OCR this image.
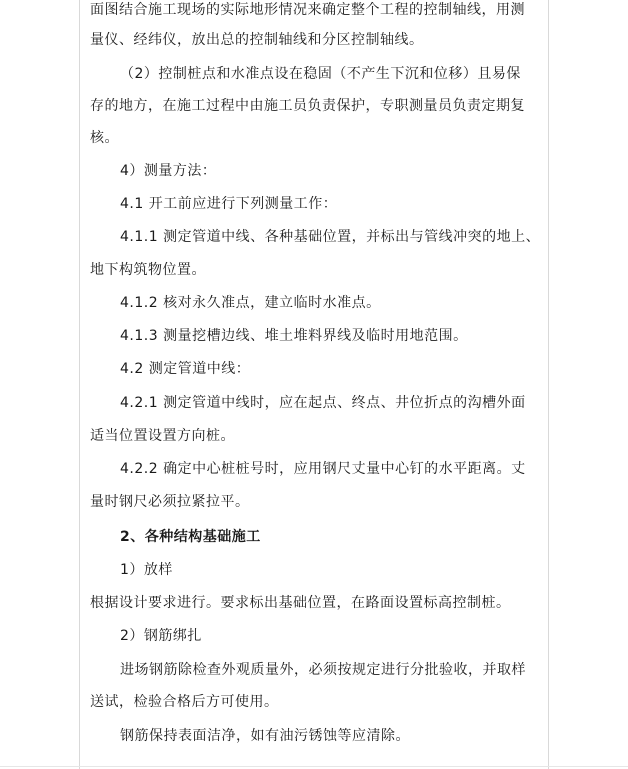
面图结合施工现场的实际地形情况来确定整个工程的控制轴线，用测
量仪、经纬仪，放出总的控制轴线和分区控制轴线。
（2）控制桩点和水准点设在稳固（不产生下沉和位移）且易保
存的地方，在施工过程中由施工员负责保护，专职测量员负责定期复
核。
4）测量方法：
4.1 开工前应进行下列测量工作：
4.1.1 测定管道中线、各种基础位置，并标出与管线冲突的地上、
地下构筑物位置。
4.1.2 核对永久准点，建立临时水准点。
4.1.3 测量挖槽边线、堆土堆料界线及临时用地范围。
4.2 测定管道中线：
4.2.1 测定管道中线时，应在起点、终点、井位折点的沟槽外面
适当位置设置方向桩。
4.2.2 确定中心桩桩号时，应用钢尺丈量中心钉的水平距离。丈
量时钢尺必须拉紧拉平。
2、各种结构基础施工
1）放样
根据设计要求进行。要求标出基础位置，在路面设置标高控制桩。
2）钢筋绑扎
进场钢筋除检查外观质量外，必须按规定进行分批验收，并取样
送试，检验合格后方可使用。
钢筋保持表面洁净，如有油污锈蚀等应清除。
